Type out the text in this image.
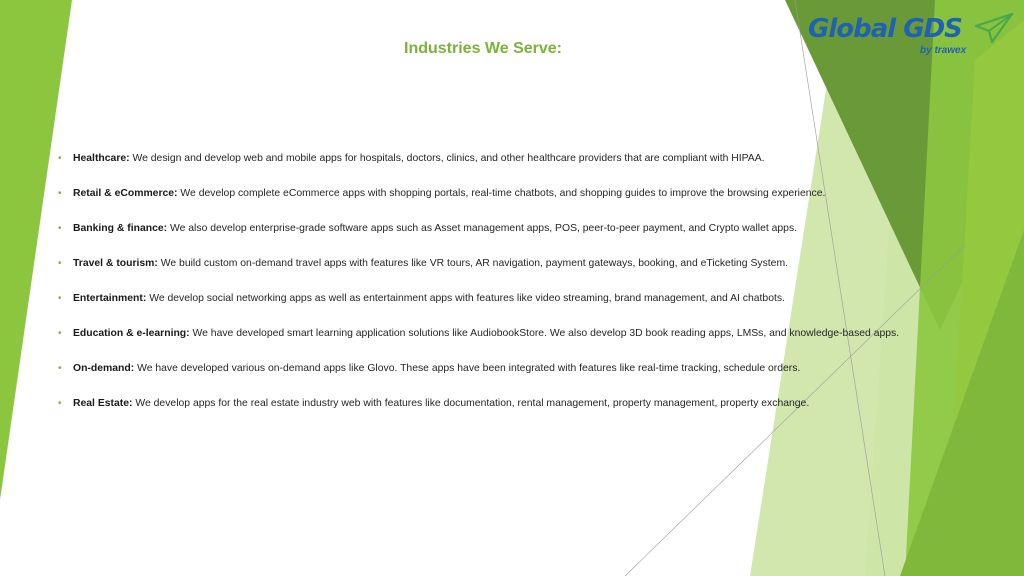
Global GDS
by trawex
Industries We Serve:
• Healthcare: We design and develop web and mobile apps for hospitals, doctors, clinics, and other healthcare providers that are compliant with HIPAA.
• Retail & eCommerce: We develop complete eCommerce apps with shopping portals, real-time chatbots, and shopping guides to improve the browsing experience.
• Banking & finance: We also develop enterprise-grade software apps such as Asset management apps, POS, peer-to-peer payment, and Crypto wallet apps.
• Travel & tourism: We build custom on-demand travel apps with features like VR tours, AR navigation, payment gateways, booking, and eTicketing System.
• Entertainment: We develop social networking apps as well as entertainment apps with features like video streaming, brand management, and AI chatbots.
• Education & e-learning: We have developed smart learning application solutions like AudiobookStore. We also develop 3D book reading apps, LMSs, and knowledge-based apps.
• On-demand: We have developed various on-demand apps like Glovo. These apps have been integrated with features like real-time tracking, schedule orders.
• Real Estate: We develop apps for the real estate industry web with features like documentation, rental management, property management, property exchange.
